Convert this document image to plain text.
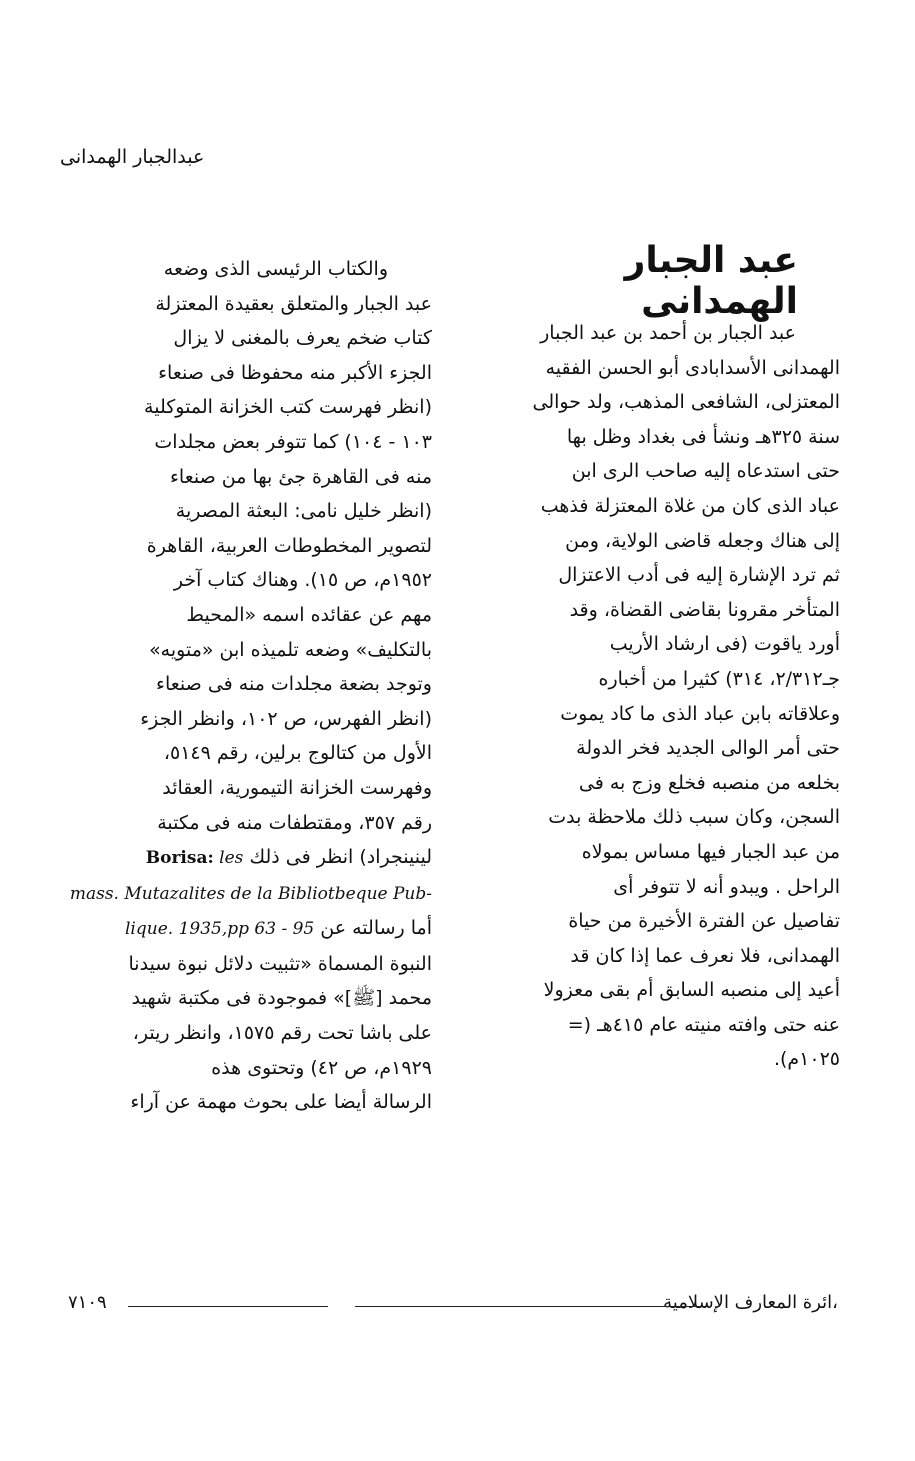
عبدالجبار الهمدانى
عبد الجبار الهمدانى
عبد الجبار بن أحمد بن عبد الجبار
الهمدانى الأسدابادى أبو الحسن الفقيه
المعتزلى، الشافعى المذهب، ولد حوالى
سنة ٣٢٥هـ ونشأ فى بغداد وظل بها
حتى استدعاه إليه صاحب الرى ابن
عباد الذى كان من غلاة المعتزلة فذهب
إلى هناك وجعله قاضى الولاية، ومن
ثم ترد الإشارة إليه فى أدب الاعتزال
المتأخر مقرونا بقاضى القضاة، وقد
أورد ياقوت (فى ارشاد الأريب
جـ٢/٣١٢، ٣١٤) كثيرا من أخباره
وعلاقاته بابن عباد الذى ما كاد يموت
حتى أمر الوالى الجديد فخر الدولة
بخلعه من منصبه فخلع وزج به فى
السجن، وكان سبب ذلك ملاحظة بدت
من عبد الجبار فيها مساس بمولاه
الراحل . ويبدو أنه لا تتوفر أى
تفاصيل عن الفترة الأخيرة من حياة
الهمدانى، فلا نعرف عما إذا كان قد
أعيد إلى منصبه السابق أم بقى معزولا
عنه حتى وافته منيته عام ٤١٥هـ (=
١٠٢٥م).
والكتاب الرئيسى الذى وضعه
عبد الجبار والمتعلق بعقيدة المعتزلة
كتاب ضخم يعرف بالمغنى لا يزال
الجزء الأكبر منه محفوظا فى صنعاء
(انظر فهرست كتب الخزانة المتوكلية
١٠٣ - ١٠٤) كما تتوفر بعض مجلدات
منه فى القاهرة جئ بها من صنعاء
(انظر خليل نامى: البعثة المصرية
لتصوير المخطوطات العربية، القاهرة
١٩٥٢م، ص ١٥). وهناك كتاب آخر
مهم عن عقائده اسمه «المحيط
بالتكليف» وضعه تلميذه ابن «متويه»
وتوجد بضعة مجلدات منه فى صنعاء
(انظر الفهرس، ص ١٠٢، وانظر الجزء
الأول من كتالوج برلين، رقم ٥١٤٩،
وفهرست الخزانة التيمورية، العقائد
رقم ٣٥٧، ومقتطفات منه فى مكتبة
لينينجراد) انظر فى ذلك Borisa: les
mass. Mutazalites de la Bibliotbeque Pub-
أما رسالته عن lique. 1935,pp 63 - 95
النبوة المسماة «تثبيت دلائل نبوة سيدنا
محمد [ﷺ]» فموجودة فى مكتبة شهيد
على باشا تحت رقم ١٥٧٥، وانظر ريتر،
١٩٢٩م، ص ٤٢) وتحتوى هذه
الرسالة أيضا على بحوث مهمة عن آراء
،ائرة المعارف الإسلامية
٧١٠٩
